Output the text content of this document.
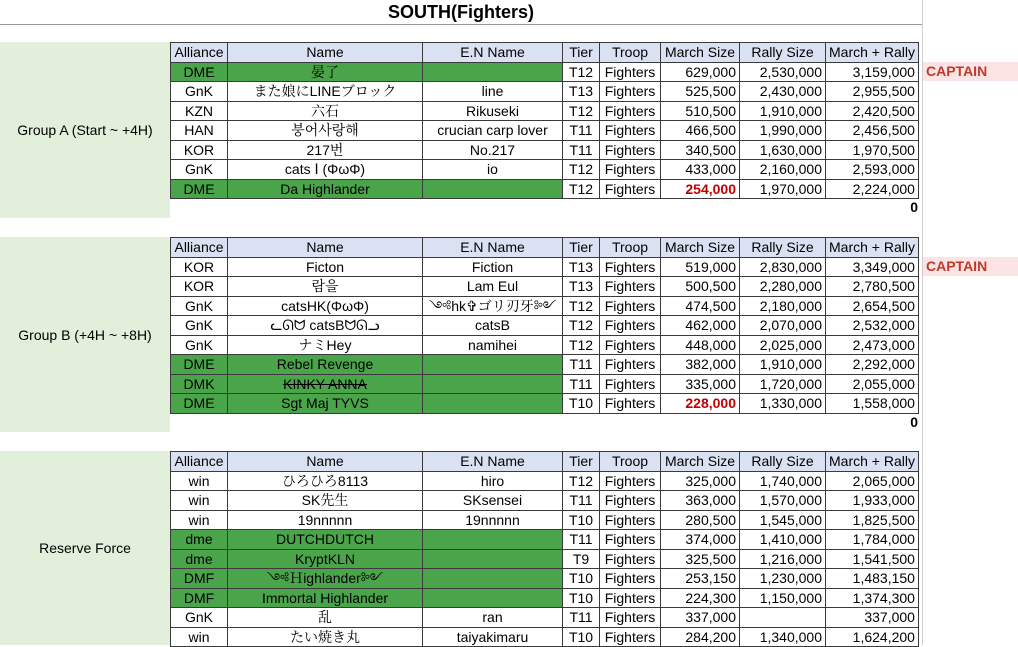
SOUTH(Fighters)
Group A (Start ~ +4H)
CAPTAIN
Alliance	Name	E.N Name	Tier	Troop	March Size	Rally Size	March + Rally
DME	晏了		T12	Fighters	629,000	2,530,000	3,159,000
GnK	また娘にLINEブロック	line	T13	Fighters	525,500	2,430,000	2,955,500
KZN	六石	Rikuseki	T12	Fighters	510,500	1,910,000	2,420,500
HAN	붕어사랑해	crucian carp lover	T11	Fighters	466,500	1,990,000	2,456,500
KOR	217번	No.217	T11	Fighters	340,500	1,630,000	1,970,500
GnK	cats Ⅰ (ΦωΦ)	io	T12	Fighters	433,000	2,160,000	2,593,000
DME	Da Highlander		T12	Fighters	254,000	1,970,000	2,224,000
0
Group B (+4H ~ +8H)
CAPTAIN
Alliance	Name	E.N Name	Tier	Troop	March Size	Rally Size	March + Rally
KOR	Ficton	Fiction	T13	Fighters	519,000	2,830,000	3,349,000
KOR	람을	Lam Eul	T13	Fighters	500,500	2,280,000	2,780,500
GnK	catsHK(ΦωΦ)	༺hk✞ゴリ刃牙༻	T12	Fighters	474,500	2,180,000	2,654,500
GnK	ᓚᘏᗢ catsBᗢᘏᓗ	catsB	T12	Fighters	462,000	2,070,000	2,532,000
GnK	ナミHey	namihei	T12	Fighters	448,000	2,025,000	2,473,000
DME	Rebel Revenge		T11	Fighters	382,000	1,910,000	2,292,000
DMK	KINKY ANNA		T11	Fighters	335,000	1,720,000	2,055,000
DME	Sgt Maj TYVS		T10	Fighters	228,000	1,330,000	1,558,000
0
Reserve Force
Alliance	Name	E.N Name	Tier	Troop	March Size	Rally Size	March + Rally
win	ひろひろ8113	hiro	T12	Fighters	325,000	1,740,000	2,065,000
win	SK先生	SKsensei	T11	Fighters	363,000	1,570,000	1,933,000
win	19nnnnn	19nnnnn	T10	Fighters	280,500	1,545,000	1,825,500
dme	DUTCHDUTCH		T11	Fighters	374,000	1,410,000	1,784,000
dme	KryptKLN		T9	Fighters	325,500	1,216,000	1,541,500
DMF	༺Ｈighlander༻		T10	Fighters	253,150	1,230,000	1,483,150
DMF	Immortal Highlander		T10	Fighters	224,300	1,150,000	1,374,300
GnK	乱	ran	T11	Fighters	337,000		337,000
win	たい焼き丸	taiyakimaru	T10	Fighters	284,200	1,340,000	1,624,200
